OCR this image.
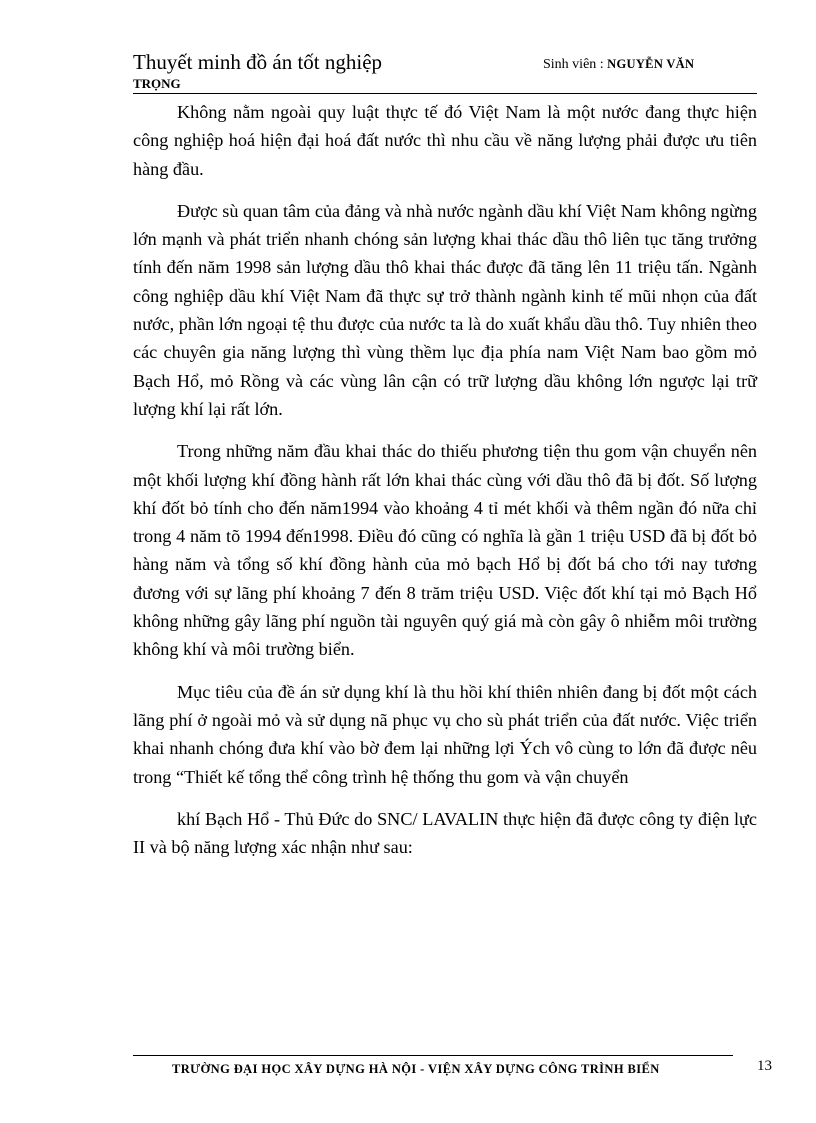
Thuyết minh đồ án tốt nghiệp	Sinh viên : NGUYỄN VĂN
TRỌNG

Không nằm ngoài quy luật thực tế đó Việt Nam là một nước đang thực hiện công nghiệp hoá hiện đại hoá đất nước thì nhu cầu về năng lượng phải được ưu tiên hàng đầu.

Được sù quan tâm của đảng và nhà nước ngành dầu khí Việt Nam không ngừng lớn mạnh và phát triển nhanh chóng sản lượng khai thác dầu thô liên tục tăng trưởng tính đến năm 1998 sản lượng dầu thô khai thác được đã tăng lên 11 triệu tấn. Ngành công nghiệp dầu khí Việt Nam đã thực sự trở thành ngành kinh tế mũi nhọn của đất nước, phần lớn ngoại tệ thu được của nước ta là do xuất khẩu dầu thô. Tuy nhiên theo các chuyên gia năng lượng thì vùng thềm lục địa phía nam Việt Nam bao gồm mỏ Bạch Hổ, mỏ Rồng và các vùng lân cận có trữ lượng dầu không lớn ngược lại trữ lượng khí lại rất lớn.

Trong những năm đầu khai thác do thiếu phương tiện thu gom vận chuyển nên một khối lượng khí đồng hành rất lớn khai thác cùng với dầu thô đã bị đốt. Số lượng khí đốt bỏ tính cho đến năm1994 vào khoảng 4 tỉ mét khối và thêm ngần đó nữa chỉ trong 4 năm tõ 1994 đến1998. Điều đó cũng có nghĩa là gần 1 triệu USD đã bị đốt bỏ hàng năm và tổng số khí đồng hành của mỏ bạch Hổ bị đốt bá cho tới nay tương đương với sự lãng phí khoảng 7 đến 8 trăm triệu USD. Việc đốt khí tại mỏ Bạch Hổ không những gây lãng phí nguồn tài nguyên quý giá mà còn gây ô nhiễm môi trường không khí và môi trường biển.

Mục tiêu của đề án sử dụng khí là thu hồi khí thiên nhiên đang bị đốt một cách lãng phí ở ngoài mỏ và sử dụng nã phục vụ cho sù phát triển của đất nước. Việc triển khai nhanh chóng đưa khí vào bờ đem lại những lợi Ých vô cùng to lớn đã được nêu trong “Thiết kế tổng thể công trình hệ thống thu gom và vận chuyển

khí Bạch Hổ - Thủ Đức do SNC/ LAVALIN thực hiện đã được công ty điện lực II và bộ năng lượng xác nhận như sau:

TRƯỜNG ĐẠI HỌC XÂY DỰNG HÀ NỘI - VIỆN XÂY DỰNG CÔNG TRÌNH BIỂN	13
